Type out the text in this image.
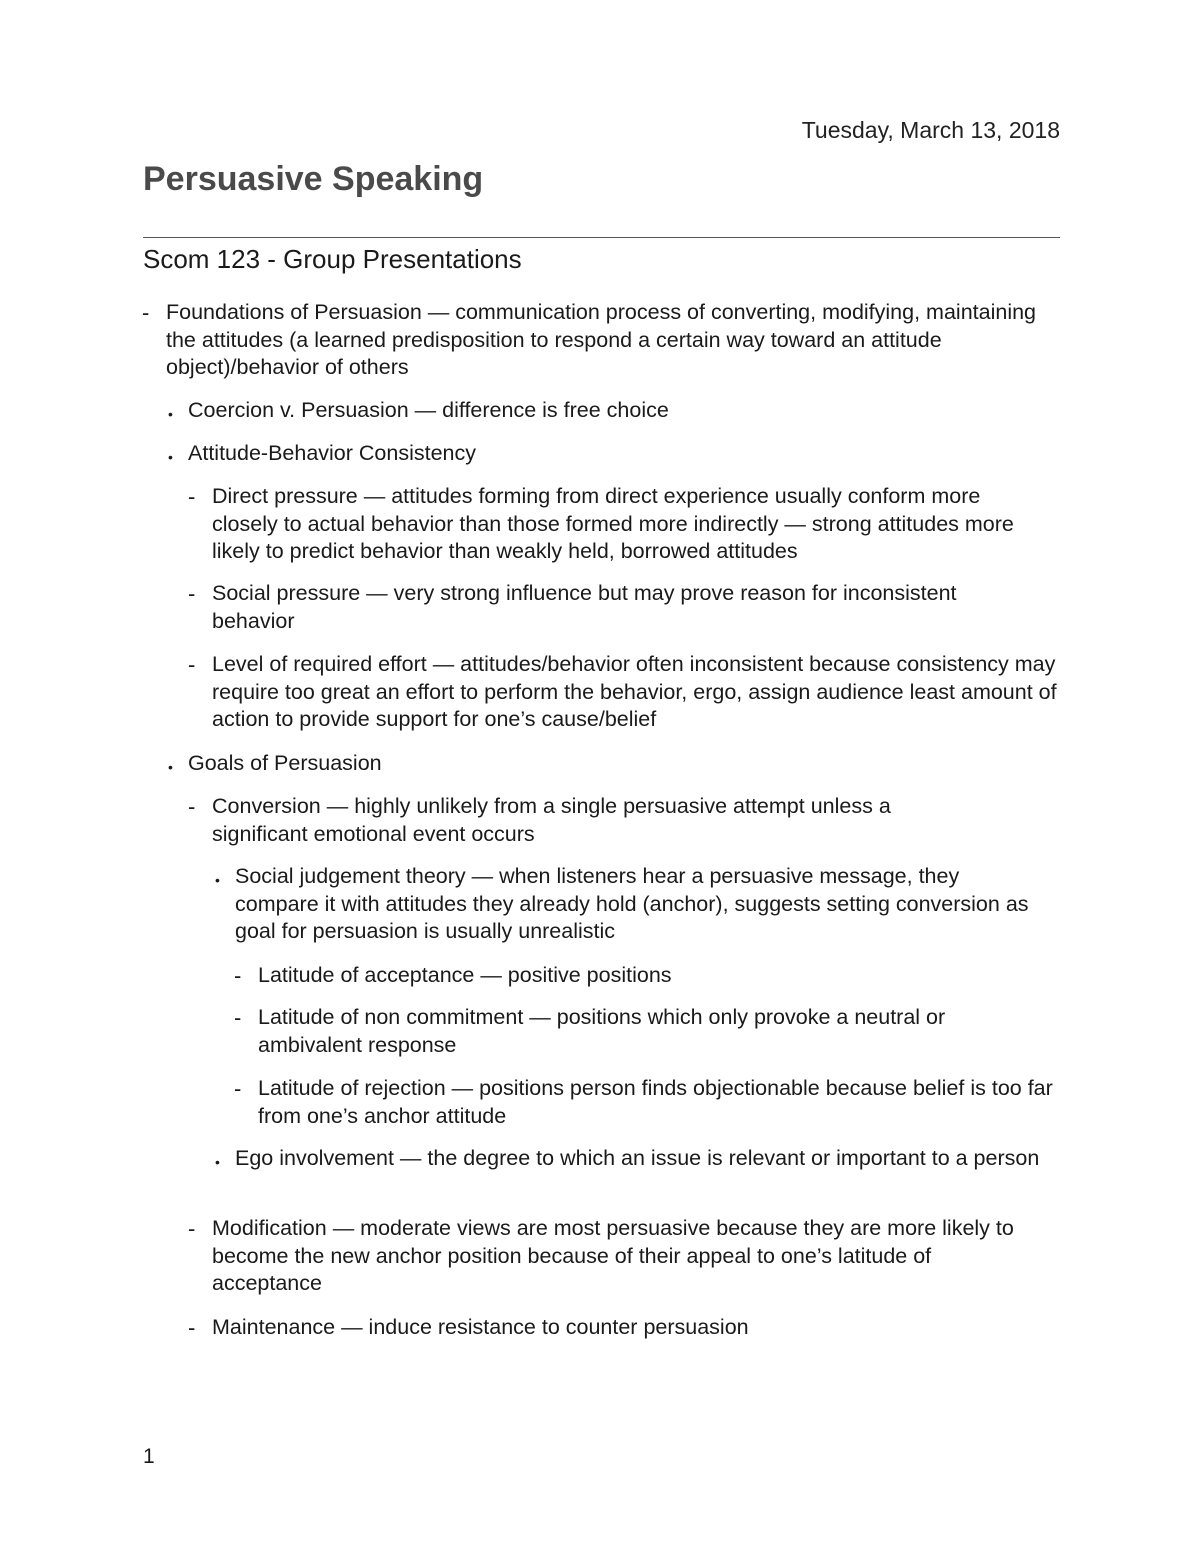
Tuesday, March 13, 2018
Persuasive Speaking
Scom 123 - Group Presentations
- Foundations of Persuasion — communication process of converting, modifying, maintaining the attitudes (a learned predisposition to respond a certain way toward an attitude object)/behavior of others
• Coercion v. Persuasion — difference is free choice
• Attitude-Behavior Consistency
- Direct pressure — attitudes forming from direct experience usually conform more closely to actual behavior than those formed more indirectly — strong attitudes more likely to predict behavior than weakly held, borrowed attitudes
- Social pressure — very strong influence but may prove reason for inconsistent behavior
- Level of required effort — attitudes/behavior often inconsistent because consistency may require too great an effort to perform the behavior, ergo, assign audience least amount of action to provide support for one’s cause/belief
• Goals of Persuasion
- Conversion — highly unlikely from a single persuasive attempt unless a significant emotional event occurs
• Social judgement theory — when listeners hear a persuasive message, they compare it with attitudes they already hold (anchor), suggests setting conversion as goal for persuasion is usually unrealistic
- Latitude of acceptance — positive positions
- Latitude of non commitment — positions which only provoke a neutral or ambivalent response
- Latitude of rejection — positions person finds objectionable because belief is too far from one’s anchor attitude
• Ego involvement — the degree to which an issue is relevant or important to a person
- Modification — moderate views are most persuasive because they are more likely to become the new anchor position because of their appeal to one’s latitude of acceptance
- Maintenance — induce resistance to counter persuasion
1
